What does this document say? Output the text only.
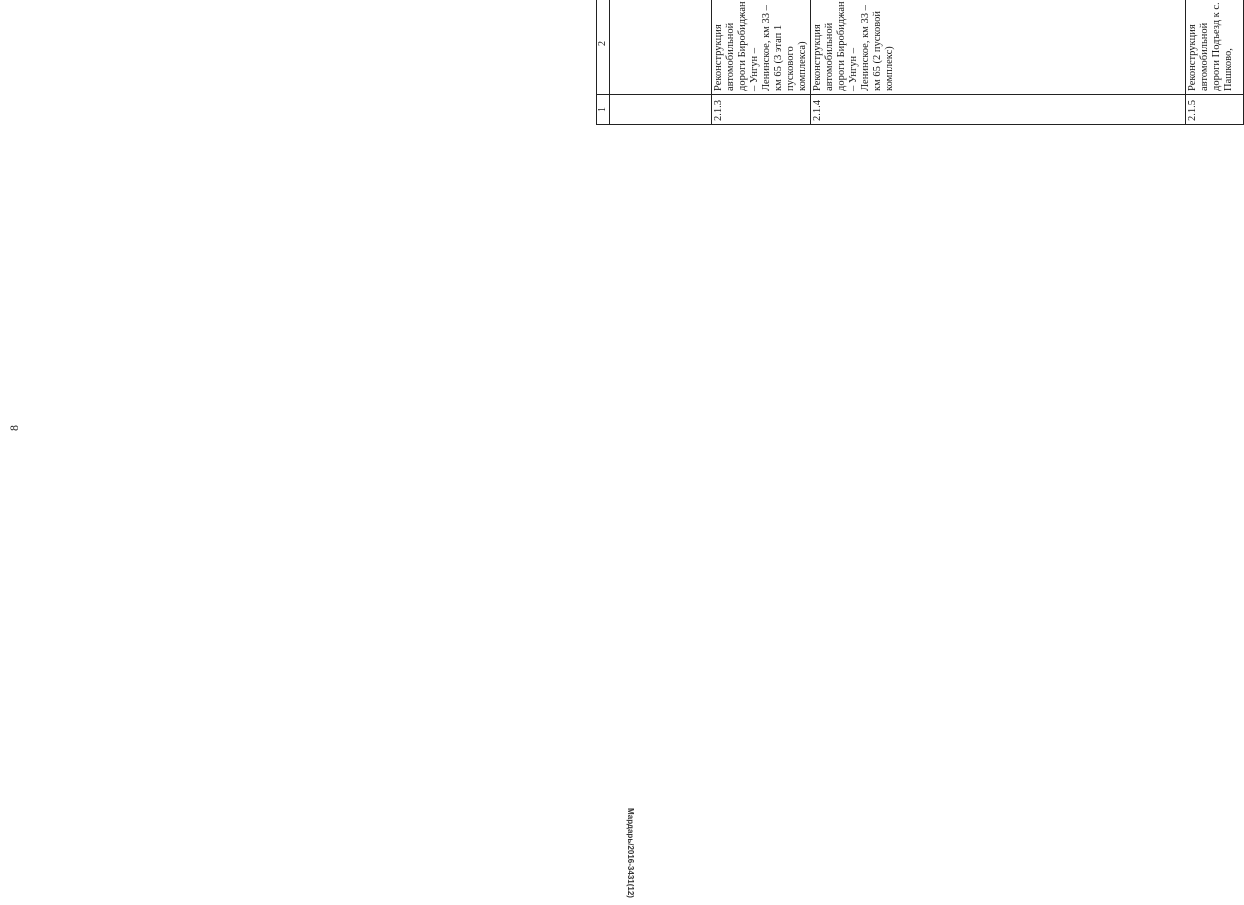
Мардарь/2016-3431(12)
1	2					

2.1.3	Реконструкция автомобильной дороги Биробиджан – Унгун – Ленинское, км 33 – км 65 (3 этап 1 пускового комплекса)					
2.1.4	Реконструкция автомобильной дороги Биробиджан – Унгун – Ленинское, км 33 – км 65 (2 пусковой комплекс)		

2.1.5	Реконструкция автомобильной дороги Подъезд к с. Пашково,		
8
